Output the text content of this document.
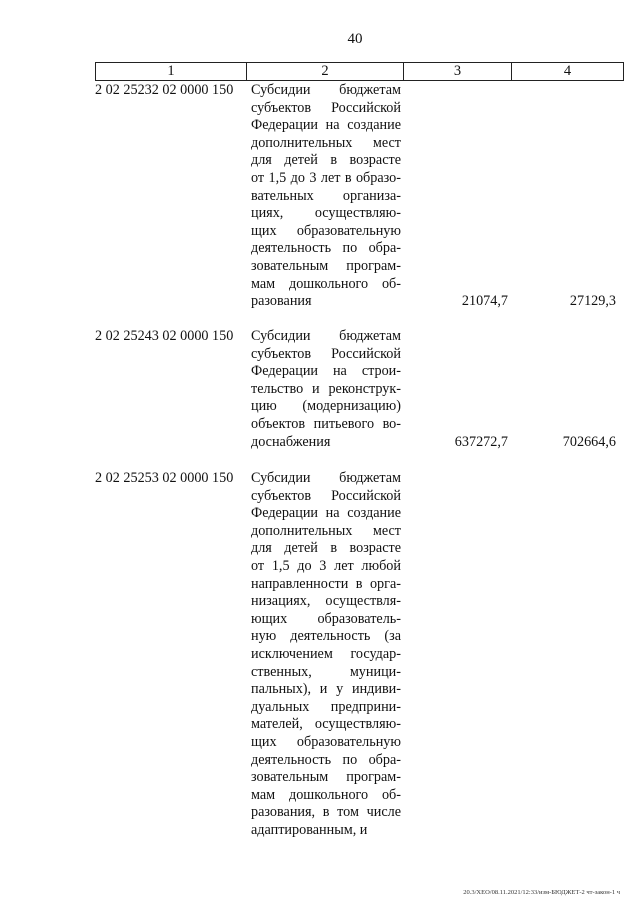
40
1	2	3	4
2 02 25232 02 0000 150	Субсидии бюджетам
субъектов Российской
Федерации на создание
дополнительных мест
для детей в возрасте
от 1,5 до 3 лет в образо-
вательных организа-
циях, осуществляю-
щих образовательную
деятельность по обра-
зовательным програм-
мам дошкольного об-
разования	21074,7	27129,3
2 02 25243 02 0000 150	Субсидии бюджетам
субъектов Российской
Федерации на строи-
тельство и реконструк-
цию (модернизацию)
объектов питьевого во-
доснабжения	637272,7	702664,6
2 02 25253 02 0000 150	Субсидии бюджетам
субъектов Российской
Федерации на создание
дополнительных мест
для детей в возрасте
от 1,5 до 3 лет любой
направленности в орга-
низациях, осуществля-
ющих образователь-
ную деятельность (за
исключением государ-
ственных, муници-
пальных), и у индиви-
дуальных предприни-
мателей, осуществляю-
щих образовательную
деятельность по обра-
зовательным програм-
мам дошкольного об-
разования, в том числе
адаптированным, и
20.3/ХЕО/08.11.2021/12:33/изм-БЮДЖЕТ-2 чт-закон-1 ч
